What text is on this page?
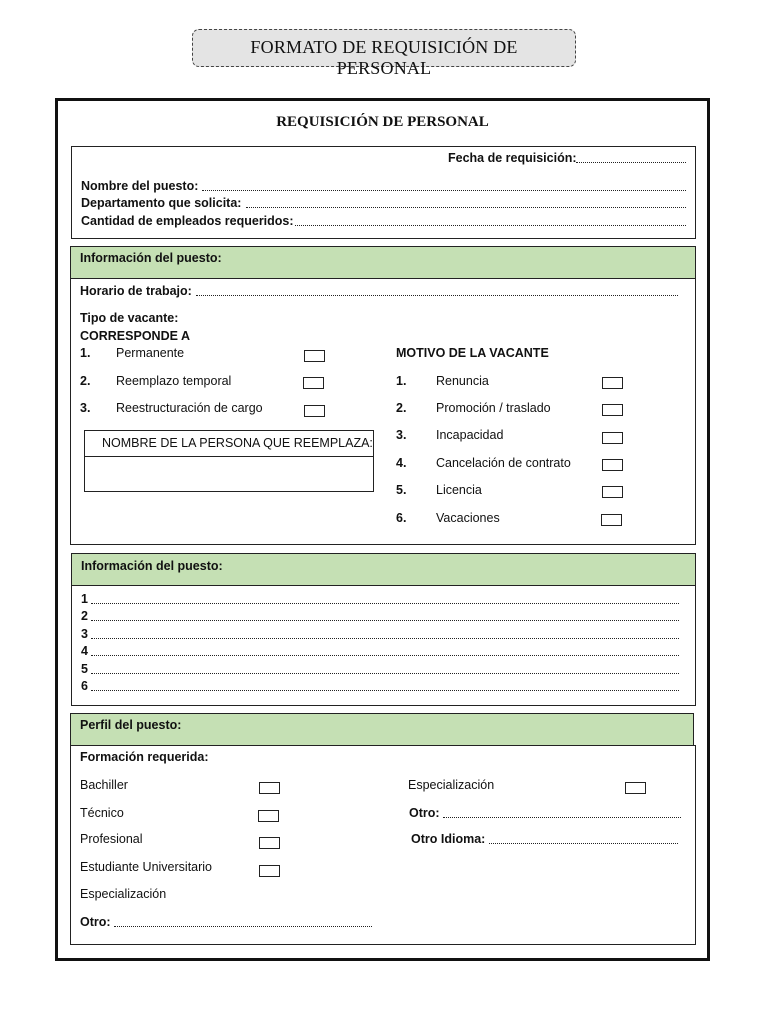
FORMATO DE REQUISICIÓN DE
PERSONAL
REQUISICIÓN DE PERSONAL
Fecha de requisición:
Nombre del puesto:
Departamento que solicita:
Cantidad de empleados requeridos:
Información del puesto:
Horario de trabajo:
Tipo de vacante:
CORRESPONDE A
1. Permanente
2. Reemplazo temporal
3. Reestructuración de cargo
NOMBRE DE LA PERSONA QUE REEMPLAZA:
MOTIVO DE LA VACANTE
1. Renuncia
2. Promoción / traslado
3. Incapacidad
4. Cancelación de contrato
5. Licencia
6. Vacaciones
Información del puesto:
1
2
3
4
5
6
Perfil del puesto:
Formación requerida:
Bachiller
Técnico
Profesional
Estudiante Universitario
Especialización
Otro:
Especialización
Otro:
Otro Idioma:
